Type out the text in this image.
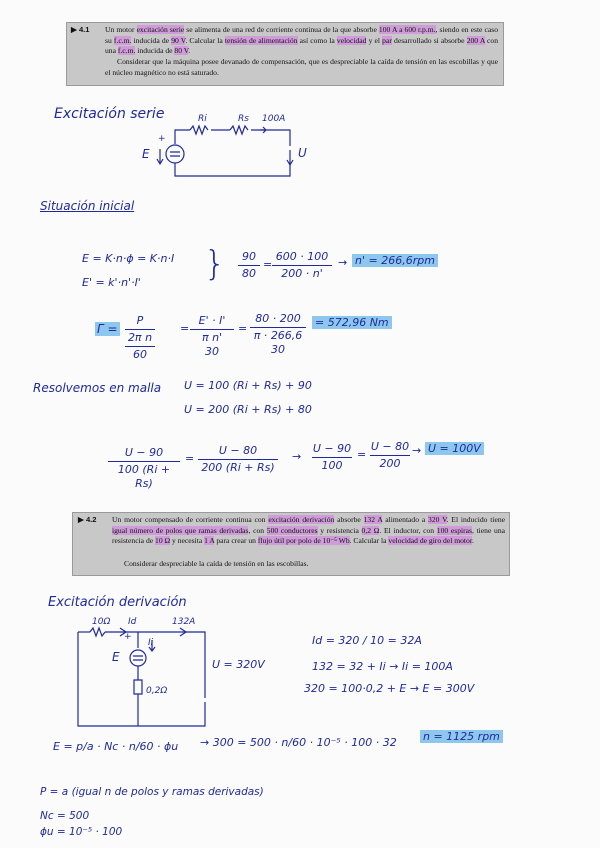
▶ 4.1 Un motor excitación serie se alimenta de una red de corriente continua de la que absorbe 100 A a 600 r.p.m., siendo en este caso su f.c.m. inducida de 90 V. Calcular la tensión de alimentación así como la velocidad y el par desarrollado si absorbe 200 A con una f.c.m. inducida de 80 V.
Considerar que la máquina posee devanado de compensación, que es despreciable la caída de tensión en las escobillas y que el núcleo magnético no está saturado.
Excitación serie	Ri	Rs 100A
E
+
U
Situación inicial
E = K·n·ϕ = K·n·I
E' = k'·n'·I' }	90
80
=
600 · 100
200 · n'
→ n' = 266,6rpm
Γ =
P
2π n
60
=
E' · I'
π n'
30
=
80 · 200
π · 266,6
30
= 572,96 Nm
Resolvemos en malla U = 100 (Ri + Rs) + 90
U = 200 (Ri + Rs) + 80
U − 90
100 (Ri + Rs)
=
U − 80
200 (Ri + Rs)
→
U − 90
100
=
U − 80
200
→ U = 100V
▶ 4.2 Un motor compensado de corriente continua con excitación derivación absorbe 132 A alimentado a 320 V. El inducido tiene igual número de polos que ramas derivadas, con 500 conductores y resistencia 0,2 Ω. El inductor, con 100 espiras, tiene una resistencia de 10 Ω y necesita 1 A para crear un flujo útil por polo de 10⁻⁵ Wb. Calcular la velocidad de giro del motor.
Considerar despreciable la caída de tensión en las escobillas.
Excitación derivación
10Ω Id	132A
+
Ii
E
0,2Ω
U = 320V
Id = 320 / 10 = 32A
132 = 32 + Ii → Ii = 100A
320 = 100·0,2 + E → E = 300V
E = p/a · Nc · n/60 · ϕu → 300 = 500 · n/60 · 10⁻⁵ · 100 · 32 n = 1125 rpm
P = a (igual n de polos y ramas derivadas)
Nc = 500
ϕu = 10⁻⁵ · 100
